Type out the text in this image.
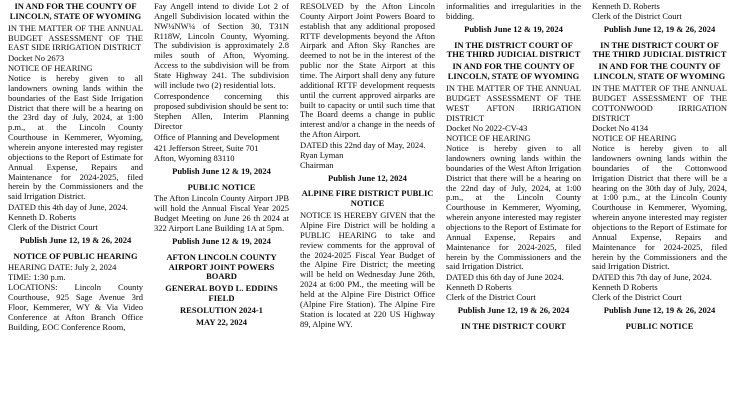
IN AND FOR THE COUNTY OF LINCOLN, STATE OF WYOMING
IN THE MATTER OF THE ANNUAL BUDGET ASSESSMENT OF THE EAST SIDE IRRIGATION DISTRICT
Docket No 2673
NOTICE OF HEARING
Notice is hereby given to all landowners owning lands within the boundaries of the East Side Irrigation District that there will be a hearing on the 23rd day of July, 2024, at 1:00 p.m., at the Lincoln County Courthouse in Kemmerer, Wyoming, wherein anyone interested may register objections to the Report of Estimate for Annual Expense, Repairs and Maintenance for 2024-2025, filed herein by the Commissioners and the said Irrigation District.
DATED this 4th day of June, 2024.
Kenneth D. Roberts
Clerk of the District Court
Publish June 12, 19 & 26, 2024
NOTICE OF PUBLIC HEARING
HEARING DATE: July 2, 2024
TIME: 1:30 p.m.
LOCATIONS: Lincoln County Courthouse, 925 Sage Avenue 3rd Floor, Kemmerer, WY & Via Video Conference at Afton Branch Office Building, EOC Conference Room,
Fay Angell intend to divide Lot 2 of Angell Subdivision located within the NW¼NW¼ of Section 30, T31N R118W, Lincoln County, Wyoming. The subdivision is approximately 2.8 miles south of Afton, Wyoming. Access to the subdivision will be from State Highway 241. The subdivision will include two (2) residential lots.
Correspondence concerning this proposed subdivision should be sent to:
Stephen Allen, Interim Planning Director
Office of Planning and Development
421 Jefferson Street, Suite 701
Afton, Wyoming 83110
Publish June 12 & 19, 2024
PUBLIC NOTICE
The Afton Lincoln County Airport JPB will hold the Annual Fiscal Year 2025 Budget Meeting on June 26 th 2024 at 322 Airport Lane Building 1A at 5pm.
Publish June 12 & 19, 2024
AFTON LINCOLN COUNTY AIRPORT JOINT POWERS BOARD
GENERAL BOYD L. EDDINS FIELD
RESOLUTION 2024-1
MAY 22, 2024
RESOLVED by the Afton Lincoln County Airport Joint Powers Board to establish that any additional proposed RTTF developments beyond the Afton Airpark and Afton Sky Ranches are deemed to not be in the interest of the public nor the State Airport at this time. The Airport shall deny any future additional RTTF development requests until the current approved airparks are built to capacity or until such time that The Board deems a change in public interest and/or a change in the needs of the Afton Airport.
DATED this 22nd day of May, 2024.
Ryan Lyman
Chairman
Publish June 12, 2024
ALPINE FIRE DISTRICT PUBLIC NOTICE
NOTICE IS HEREBY GIVEN that the Alpine Fire District will be holding a PUBLIC HEARING to take and review comments for the approval of the 2024-2025 Fiscal Year Budget of the Alpine Fire District; the meeting will be held on Wednesday June 26th, 2024 at 6:00 PM., the meeting will be held at the Alpine Fire District Office (Alpine Fire Station). The Alpine Fire Station is located at 220 US Highway 89, Alpine WY.
informalities and irregularities in the bidding.
Publish June 12 & 19, 2024
IN THE DISTRICT COURT OF THE THIRD JUDICIAL DISTRICT
IN AND FOR THE COUNTY OF LINCOLN, STATE OF WYOMING
IN THE MATTER OF THE ANNUAL BUDGET ASSESSMENT OF THE WEST AFTON IRRIGATION DISTRICT
Docket No 2022-CV-43
NOTICE OF HEARING
Notice is hereby given to all landowners owning lands within the boundaries of the West Afton Irrigation District that there will be a hearing on the 22nd day of July, 2024, at 1:00 p.m., at the Lincoln County Courthouse in Kemmerer, Wyoming, wherein anyone interested may register objections to the Report of Estimate for Annual Expense, Repairs and Maintenance for 2024-2025, filed herein by the Commissioners and the said Irrigation District.
DATED this 6th day of June 2024.
Kenneth D Roberts
Clerk of the District Court
Publish June 12, 19 & 26, 2024
IN THE DISTRICT COURT
Kenneth D. Roberts
Clerk of the District Court
Publish June 12, 19 & 26, 2024
IN THE DISTRICT COURT OF THE THIRD JUDICIAL DISTRICT
IN AND FOR THE COUNTY OF LINCOLN, STATE OF WYOMING
IN THE MATTER OF THE ANNUAL BUDGET ASSESSMENT OF THE COTTONWOOD IRRIGATION DISTRICT
Docket No 4134
NOTICE OF HEARING
Notice is hereby given to all landowners owning lands within the boundaries of the Cottonwood Irrigation District that there will be a hearing on the 30th day of July, 2024, at 1:00 p.m., at the Lincoln County Courthouse in Kemmerer, Wyoming, wherein anyone interested may register objections to the Report of Estimate for Annual Expense, Repairs and Maintenance for 2024-2025, filed herein by the Commissioners and the said Irrigation District.
DATED this 7th day of June, 2024.
Kenneth D Roberts
Clerk of the District Court
Publish June 12, 19 & 26, 2024
PUBLIC NOTICE
